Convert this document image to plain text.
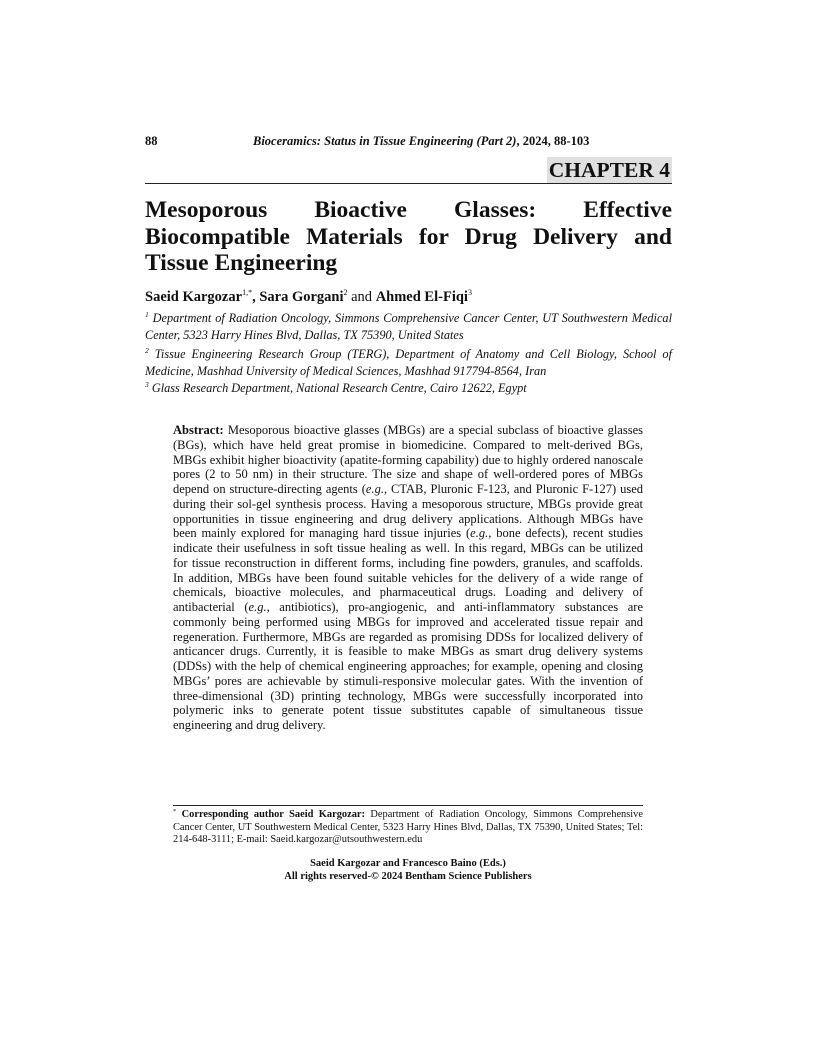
88	Bioceramics: Status in Tissue Engineering (Part 2), 2024, 88-103
CHAPTER 4
Mesoporous Bioactive Glasses: Effective Biocompatible Materials for Drug Delivery and Tissue Engineering
Saeid Kargozar$^{1,*}$, Sara Gorgani$^2$ and Ahmed El-Fiqi$^3$
$^1$ Department of Radiation Oncology, Simmons Comprehensive Cancer Center, UT Southwestern Medical Center, 5323 Harry Hines Blvd, Dallas, TX 75390, United States
$^2$ Tissue Engineering Research Group (TERG), Department of Anatomy and Cell Biology, School of Medicine, Mashhad University of Medical Sciences, Mashhad 917794-8564, Iran
$^3$ Glass Research Department, National Research Centre, Cairo 12622, Egypt

Abstract: Mesoporous bioactive glasses (MBGs) are a special subclass of bioactive glasses (BGs), which have held great promise in biomedicine. Compared to melt-derived BGs, MBGs exhibit higher bioactivity (apatite-forming capability) due to highly ordered nanoscale pores (2 to 50 nm) in their structure. The size and shape of well-ordered pores of MBGs depend on structure-directing agents (e.g., CTAB, Pluronic F-123, and Pluronic F-127) used during their sol-gel synthesis process. Having a mesoporous structure, MBGs provide great opportunities in tissue engineering and drug delivery applications. Although MBGs have been mainly explored for managing hard tissue injuries (e.g., bone defects), recent studies indicate their usefulness in soft tissue healing as well. In this regard, MBGs can be utilized for tissue reconstruction in different forms, including fine powders, granules, and scaffolds. In addition, MBGs have been found suitable vehicles for the delivery of a wide range of chemicals, bioactive molecules, and pharmaceutical drugs. Loading and delivery of antibacterial (e.g., antibiotics), pro-angiogenic, and anti-inflammatory substances are commonly being performed using MBGs for improved and accelerated tissue repair and regeneration. Furthermore, MBGs are regarded as promising DDSs for localized delivery of anticancer drugs. Currently, it is feasible to make MBGs as smart drug delivery systems (DDSs) with the help of chemical engineering approaches; for example, opening and closing MBGs’ pores are achievable by stimuli-responsive molecular gates. With the invention of three-dimensional (3D) printing technology, MBGs were successfully incorporated into polymeric inks to generate potent tissue substitutes capable of simultaneous tissue engineering and drug delivery.

* Corresponding author Saeid Kargozar: Department of Radiation Oncology, Simmons Comprehensive Cancer Center, UT Southwestern Medical Center, 5323 Harry Hines Blvd, Dallas, TX 75390, United States; Tel: 214-648-3111; E-mail: Saeid.kargozar@utsouthwestern.edu

Saeid Kargozar and Francesco Baino (Eds.)
All rights reserved-© 2024 Bentham Science Publishers
